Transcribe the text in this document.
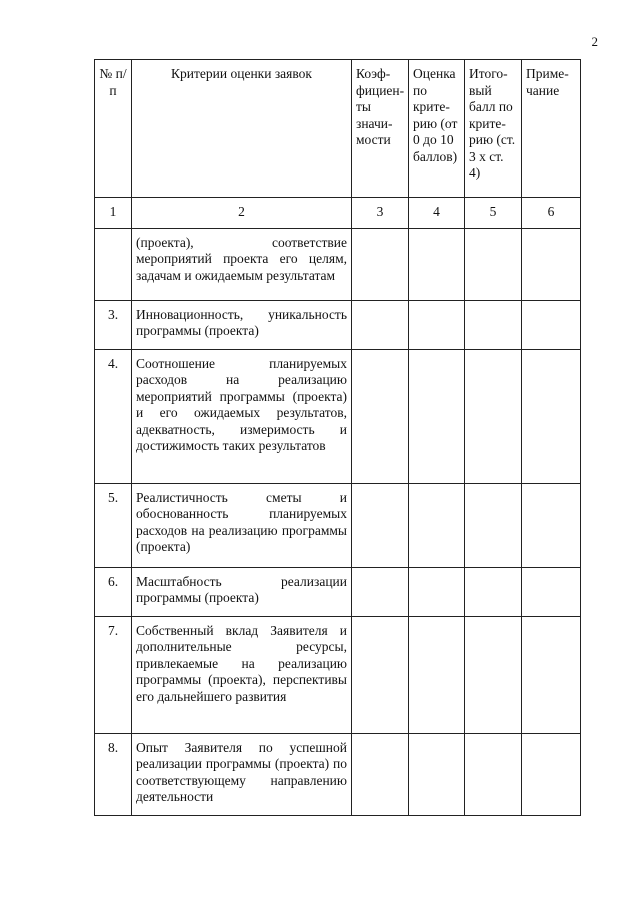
2
№ п/п	Критерии оценки заявок	Коэф-фициен-ты значи-мости	Оценка по крите-рию (от 0 до 10 баллов)	Итого-вый балл по крите-рию (ст. 3 х ст. 4)	Приме-чание
1	2	3	4	5	6
	(проекта), соответствие мероприятий проекта его целям, задачам и ожидаемым результатам				
3.	Инновационность, уникальность программы (проекта)				
4.	Соотношение планируемых расходов на реализацию мероприятий программы (проекта) и его ожидаемых результатов, адекватность, измеримость и достижимость таких результатов				
5.	Реалистичность сметы и обоснованность планируемых расходов на реализацию программы (проекта)				
6.	Масштабность реализации программы (проекта)				
7.	Собственный вклад Заявителя и дополнительные ресурсы, привлекаемые на реализацию программы (проекта), перспективы его дальнейшего развития				
8.	Опыт Заявителя по успешной реализации программы (проекта) по соответствующему направлению деятельности				
